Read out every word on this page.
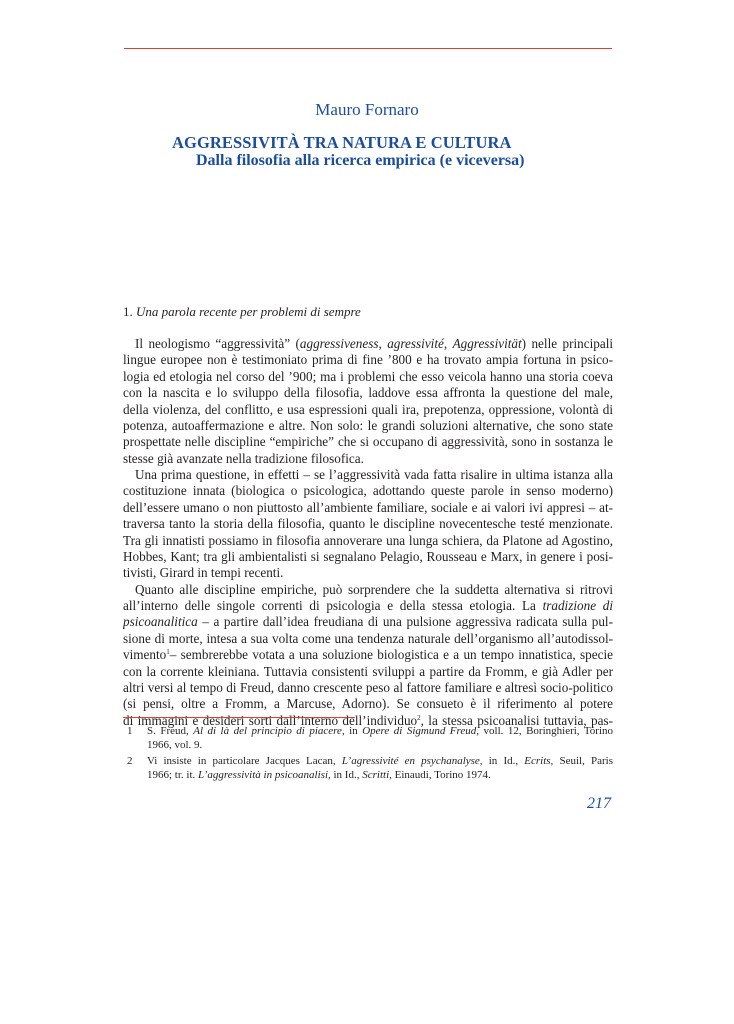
Mauro Fornaro
AGGRESSIVITÀ TRA NATURA E CULTURA
Dalla filosofia alla ricerca empirica (e viceversa)
1. Una parola recente per problemi di sempre
Il neologismo “aggressività” (aggressiveness, agressivité, Aggressivität) nelle principali
lingue europee non è testimoniato prima di fine ’800 e ha trovato ampia fortuna in psico-
logia ed etologia nel corso del ’900; ma i problemi che esso veicola hanno una storia coeva
con la nascita e lo sviluppo della filosofia, laddove essa affronta la questione del male,
della violenza, del conflitto, e usa espressioni quali ira, prepotenza, oppressione, volontà di
potenza, autoaffermazione e altre. Non solo: le grandi soluzioni alternative, che sono state
prospettate nelle discipline “empiriche” che si occupano di aggressività, sono in sostanza le
stesse già avanzate nella tradizione filosofica.
Una prima questione, in effetti – se l’aggressività vada fatta risalire in ultima istanza alla
costituzione innata (biologica o psicologica, adottando queste parole in senso moderno)
dell’essere umano o non piuttosto all’ambiente familiare, sociale e ai valori ivi appresi – at-
traversa tanto la storia della filosofia, quanto le discipline novecentesche testé menzionate.
Tra gli innatisti possiamo in filosofia annoverare una lunga schiera, da Platone ad Agostino,
Hobbes, Kant; tra gli ambientalisti si segnalano Pelagio, Rousseau e Marx, in genere i posi-
tivisti, Girard in tempi recenti.
Quanto alle discipline empiriche, può sorprendere che la suddetta alternativa si ritrovi
all’interno delle singole correnti di psicologia e della stessa etologia. La tradizione di
psicoanalitica – a partire dall’idea freudiana di una pulsione aggressiva radicata sulla pul-
sione di morte, intesa a sua volta come una tendenza naturale dell’organismo all’autodissol-
vimento$^1$– sembrerebbe votata a una soluzione biologistica e a un tempo innatistica, specie
con la corrente kleiniana. Tuttavia consistenti sviluppi a partire da Fromm, e già Adler per
altri versi al tempo di Freud, danno crescente peso al fattore familiare e altresì socio-politico
(si pensi, oltre a Fromm, a Marcuse, Adorno). Se consueto è il riferimento al potere
di immagini e desideri sorti dall’interno dell’individuo$^2$, la stessa psicoanalisi tuttavia, pas-
1	S. Freud, Al di là del principio di piacere, in Opere di Sigmund Freud, voll. 12, Boringhieri, Torino
1966, vol. 9.
2	Vi insiste in particolare Jacques Lacan, L’agressivité en psychanalyse, in Id., Ecrits, Seuil, Paris
1966; tr. it. L’aggressività in psicoanalisi, in Id., Scritti, Einaudi, Torino 1974.
217
